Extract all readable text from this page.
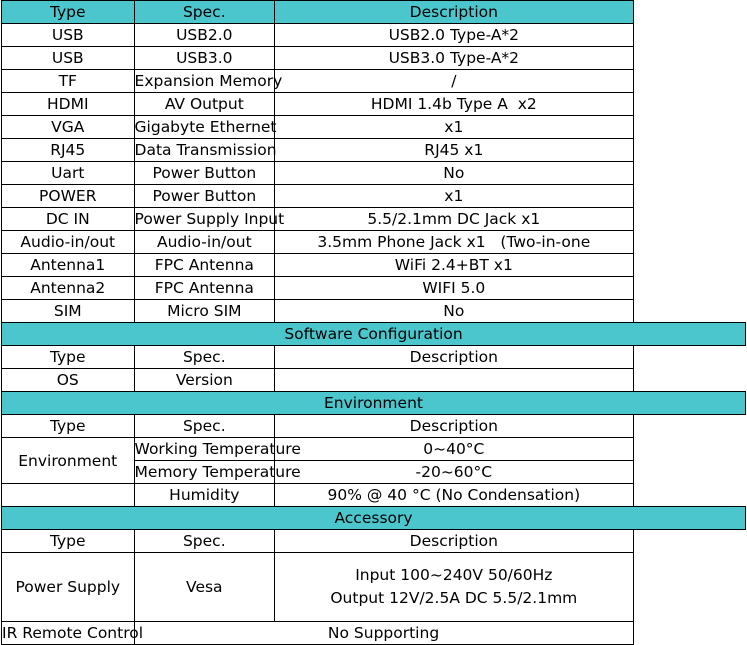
Type	Spec.	Description	
USB	USB2.0	USB2.0 Type-A*2	
USB	USB3.0	USB3.0 Type-A*2	
TF	Expansion Memory	/	
HDMI	AV Output	HDMI 1.4b Type A  x2	
VGA	Gigabyte Ethernet	x1	
RJ45	Data Transmission	RJ45 x1	
Uart	Power Button	No	
POWER	Power Button	x1	
DC IN	Power Supply Input	5.5/2.1mm DC Jack x1	
Audio-in/out	Audio-in/out	3.5mm Phone Jack x1   (Two-in-one	
Antenna1	FPC Antenna	WiFi 2.4+BT x1	
Antenna2	FPC Antenna	WIFI 5.0	
SIM	Micro SIM	No	
Software Configuration			
Type	Spec.	Description	
OS	Version		
Environment			
Type	Spec.	Description	
Environment	Working Temperature	0~40°C	
	Memory Temperature	-20~60°C	
	Humidity	90% @ 40 °C (No Condensation)	
Accessory			
Type	Spec.	Description	
Power Supply	Vesa	Input 100~240V 50/60Hz
Output 12V/2.5A DC 5.5/2.1mm	

IR Remote Control	No Supporting		
